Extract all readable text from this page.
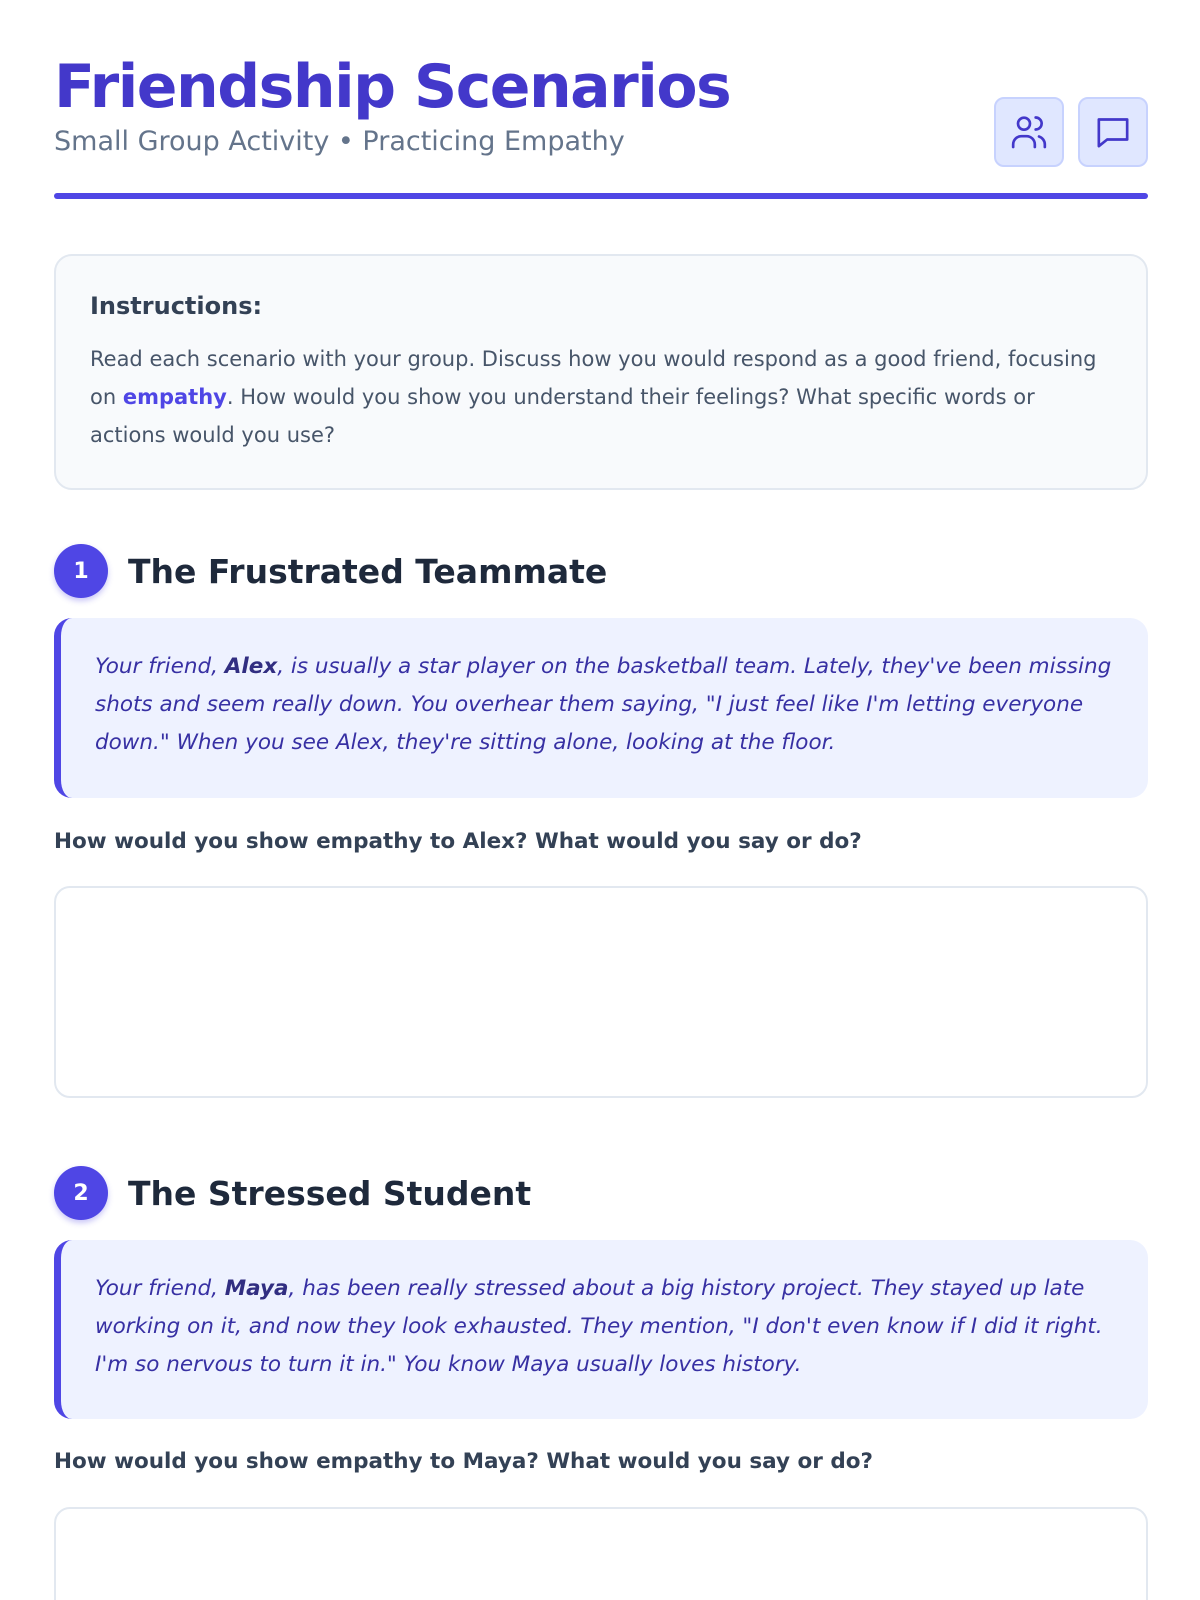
Friendship Scenarios
Small Group Activity • Practicing Empathy
Instructions:
Read each scenario with your group. Discuss how you would respond as a good friend, focusing on empathy. How would you show you understand their feelings? What specific words or actions would you use?
1	The Frustrated Teammate

Your friend, Alex, is usually a star player on the basketball team. Lately, they've been missing shots and seem really down. You overhear them saying, "I just feel like I'm letting everyone down." When you see Alex, they're sitting alone, looking at the floor.

How would you show empathy to Alex? What would you say or do?
2	The Stressed Student

Your friend, Maya, has been really stressed about a big history project. They stayed up late working on it, and now they look exhausted. They mention, "I don't even know if I did it right. I'm so nervous to turn it in." You know Maya usually loves history.

How would you show empathy to Maya? What would you say or do?
